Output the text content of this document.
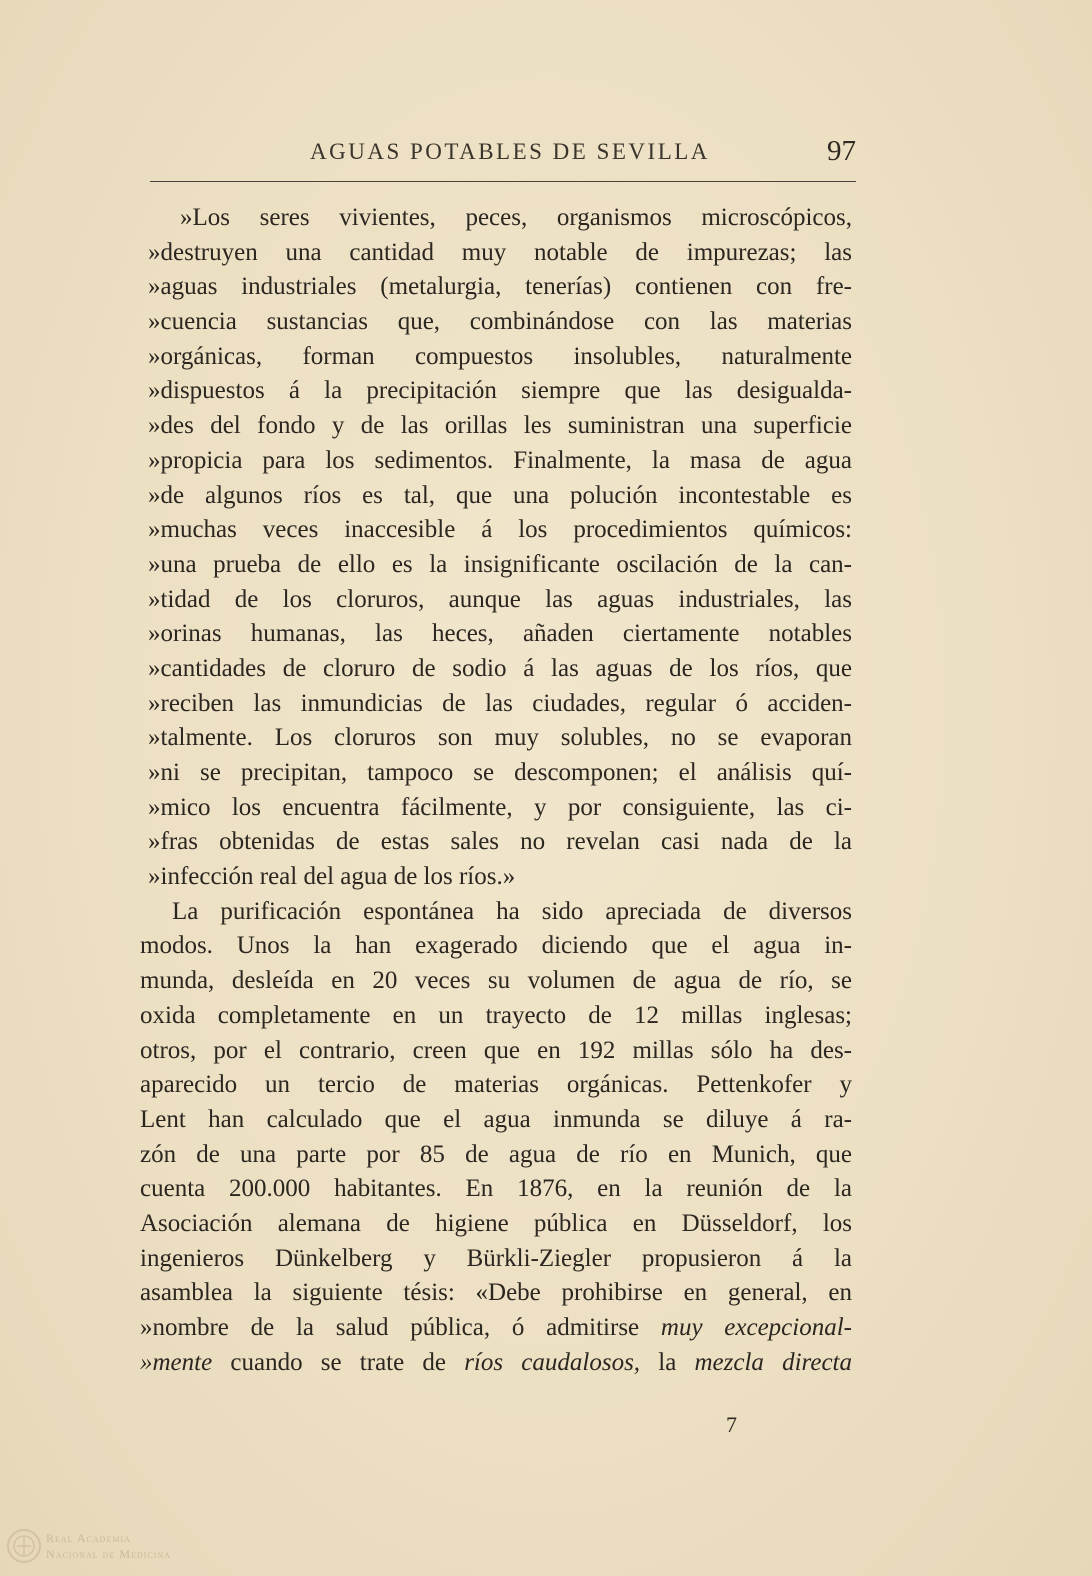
AGUAS POTABLES DE SEVILLA	97
»Los seres vivientes, peces, organismos microscópicos,
»destruyen una cantidad muy notable de impurezas; las
»aguas industriales (metalurgia, tenerías) contienen con fre-
»cuencia sustancias que, combinándose con las materias
»orgánicas, forman compuestos insolubles, naturalmente
»dispuestos á la precipitación siempre que las desigualda-
»des del fondo y de las orillas les suministran una superficie
»propicia para los sedimentos. Finalmente, la masa de agua
»de algunos ríos es tal, que una polución incontestable es
»muchas veces inaccesible á los procedimientos químicos:
»una prueba de ello es la insignificante oscilación de la can-
»tidad de los cloruros, aunque las aguas industriales, las
»orinas humanas, las heces, añaden ciertamente notables
»cantidades de cloruro de sodio á las aguas de los ríos, que
»reciben las inmundicias de las ciudades, regular ó acciden-
»talmente. Los cloruros son muy solubles, no se evaporan
»ni se precipitan, tampoco se descomponen; el análisis quí-
»mico los encuentra fácilmente, y por consiguiente, las ci-
»fras obtenidas de estas sales no revelan casi nada de la
»infección real del agua de los ríos.»
La purificación espontánea ha sido apreciada de diversos
modos. Unos la han exagerado diciendo que el agua in-
munda, desleída en 20 veces su volumen de agua de río, se
oxida completamente en un trayecto de 12 millas inglesas;
otros, por el contrario, creen que en 192 millas sólo ha des-
aparecido un tercio de materias orgánicas. Pettenkofer y
Lent han calculado que el agua inmunda se diluye á ra-
zón de una parte por 85 de agua de río en Munich, que
cuenta 200.000 habitantes. En 1876, en la reunión de la
Asociación alemana de higiene pública en Düsseldorf, los
ingenieros Dünkelberg y Bürkli-Ziegler propusieron á la
asamblea la siguiente tésis: «Debe prohibirse en general, en
»nombre de la salud pública, ó admitirse muy excepcional-
»mente cuando se trate de ríos caudalosos, la mezcla directa
7
Real Academia
Nacional de Medicina
